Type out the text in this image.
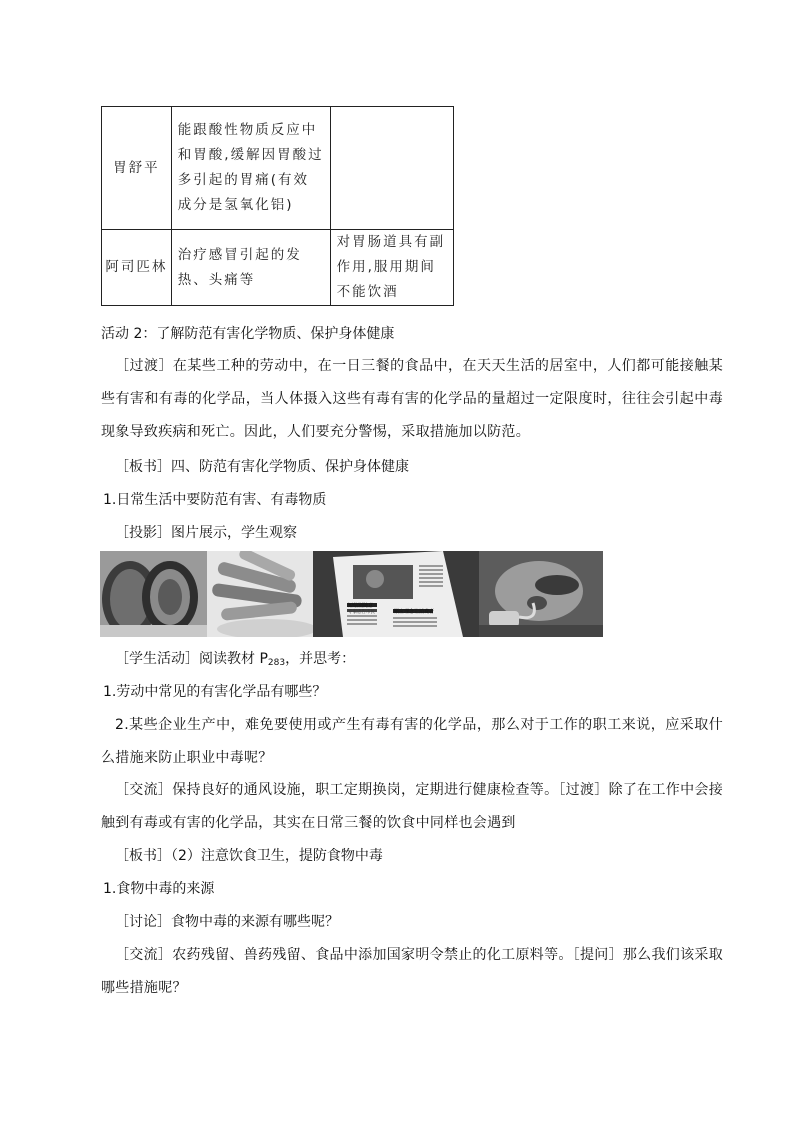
胃舒平	能跟酸性物质反应中和胃酸,缓解因胃酸过多引起的胃痛(有效成分是氢氧化铝)	
阿司匹林	治疗感冒引起的发热、头痛等	对胃肠道具有副作用,服用期间不能饮酒
活动 2：了解防范有害化学物质、保护身体健康
［过渡］在某些工种的劳动中，在一日三餐的食品中，在天天生活的居室中，人们都可能接触某些有害和有毒的化学品，当人体摄入这些有毒有害的化学品的量超过一定限度时，往往会引起中毒现象导致疾病和死亡。因此，人们要充分警惕，采取措施加以防范。
［板书］四、防范有害化学物质、保护身体健康
1.日常生活中要防范有害、有毒物质
［投影］图片展示，学生观察
短信别随意
专家忠告市民	顺应理念让消费者
［学生活动］阅读教材 $P_{283}$，并思考：
1.劳动中常见的有害化学品有哪些？
2.某些企业生产中，难免要使用或产生有毒有害的化学品，那么对于工作的职工来说，应采取什么措施来防止职业中毒呢？
［交流］保持良好的通风设施，职工定期换岗，定期进行健康检查等。［过渡］除了在工作中会接触到有毒或有害的化学品，其实在日常三餐的饮食中同样也会遇到
［板书］（2）注意饮食卫生，提防食物中毒
1.食物中毒的来源
［讨论］食物中毒的来源有哪些呢？
［交流］农药残留、兽药残留、食品中添加国家明令禁止的化工原料等。［提问］那么我们该采取哪些措施呢？
